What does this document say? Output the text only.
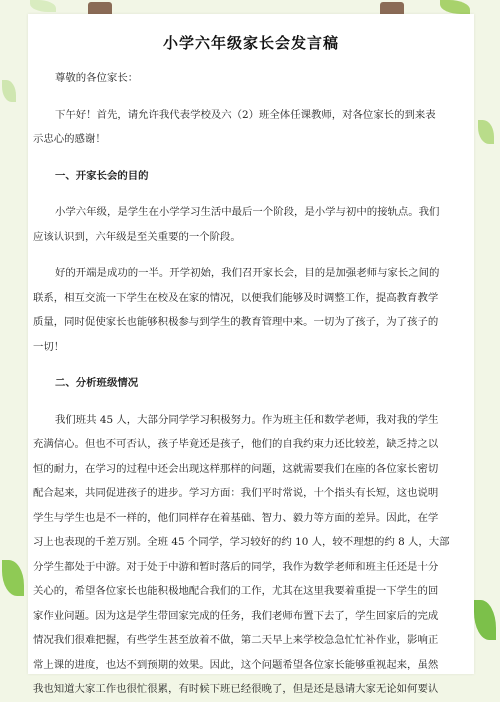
小学六年级家长会发言稿
尊敬的各位家长：
下午好！首先，请允许我代表学校及六（2）班全体任课教师，对各位家长的到来表
示忠心的感谢！
一、开家长会的目的
小学六年级，是学生在小学学习生活中最后一个阶段，是小学与初中的接轨点。我们
应该认识到，六年级是至关重要的一个阶段。
好的开端是成功的一半。开学初始，我们召开家长会，目的是加强老师与家长之间的
联系，相互交流一下学生在校及在家的情况，以便我们能够及时调整工作，提高教育教学
质量，同时促使家长也能够积极参与到学生的教育管理中来。一切为了孩子，为了孩子的
一切！
二、分析班级情况
我们班共 45 人，大部分同学学习积极努力。作为班主任和数学老师，我对我的学生
充满信心。但也不可否认，孩子毕竟还是孩子，他们的自我约束力还比较差，缺乏持之以
恒的耐力，在学习的过程中还会出现这样那样的问题，这就需要我们在座的各位家长密切
配合起来，共同促进孩子的进步。学习方面：我们平时常说，十个指头有长短，这也说明
学生与学生也是不一样的，他们同样存在着基础、智力、毅力等方面的差异。因此，在学
习上也表现的千差万别。全班 45 个同学，学习较好的约 10 人，较不理想的约 8 人，大部
分学生都处于中游。对于处于中游和暂时落后的同学，我作为数学老师和班主任还是十分
关心的，希望各位家长也能积极地配合我们的工作，尤其在这里我要着重提一下学生的回
家作业问题。因为这是学生带回家完成的任务，我们老师布置下去了，学生回家后的完成
情况我们很难把握，有些学生甚至放着不做，第二天早上来学校急急忙忙补作业，影响正
常上课的进度，也达不到预期的效果。因此，这个问题希望各位家长能够重视起来，虽然
我也知道大家工作也很忙很累，有时候下班已经很晚了，但是还是恳请大家无论如何要认
